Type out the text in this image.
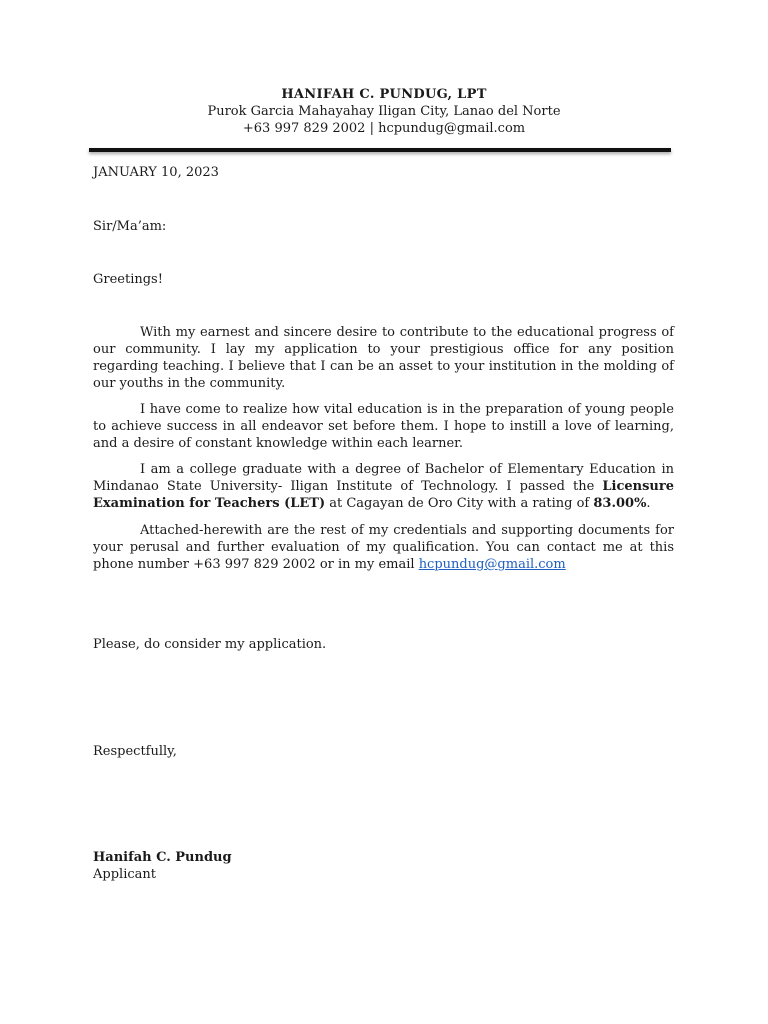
HANIFAH C. PUNDUG, LPT
Purok Garcia Mahayahay Iligan City, Lanao del Norte
+63 997 829 2002 | hcpundug@gmail.com
JANUARY 10, 2023
Sir/Ma’am:
Greetings!
With my earnest and sincere desire to contribute to the educational progress of our community. I lay my application to your prestigious office for any position regarding teaching. I believe that I can be an asset to your institution in the molding of our youths in the community.
I have come to realize how vital education is in the preparation of young people to achieve success in all endeavor set before them. I hope to instill a love of learning, and a desire of constant knowledge within each learner.
I am a college graduate with a degree of Bachelor of Elementary Education in Mindanao State University- Iligan Institute of Technology. I passed the Licensure Examination for Teachers (LET) at Cagayan de Oro City with a rating of 83.00%.
Attached-herewith are the rest of my credentials and supporting documents for your perusal and further evaluation of my qualification. You can contact me at this phone number +63 997 829 2002 or in my email hcpundug@gmail.com
Please, do consider my application.
Respectfully,
Hanifah C. Pundug
Applicant
